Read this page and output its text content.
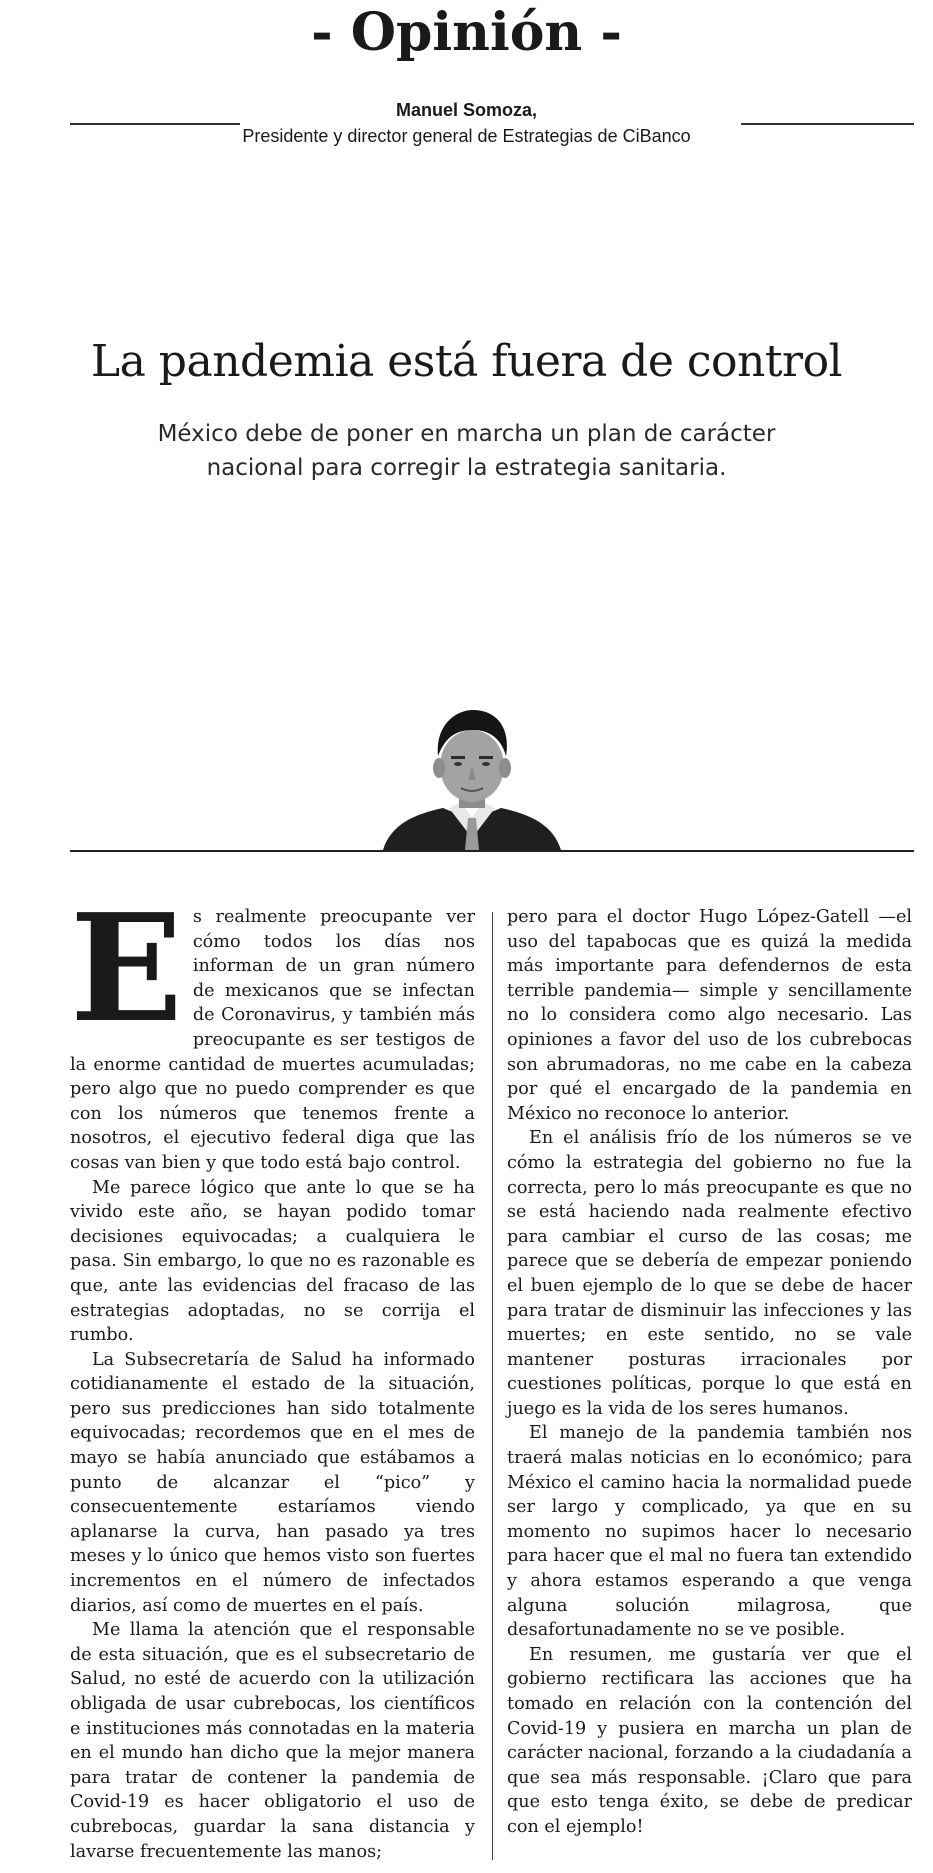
- Opinión -
Manuel Somoza,
Presidente y director general de Estrategias de CiBanco
La pandemia está fuera de control
México debe de poner en marcha un plan de carácter nacional para corregir la estrategia sanitaria.

Es realmente preocupante ver cómo todos los días nos informan de un gran número de mexicanos que se infectan de Coronavirus, y también más preocupante es ser testigos de la enorme cantidad de muertes acumuladas; pero algo que no puedo comprender es que con los números que tenemos frente a nosotros, el ejecutivo federal diga que las cosas van bien y que todo está bajo control.

Me parece lógico que ante lo que se ha vivido este año, se hayan podido tomar decisiones equivocadas; a cualquiera le pasa. Sin embargo, lo que no es razonable es que, ante las evidencias del fracaso de las estrategias adoptadas, no se corrija el rumbo.

La Subsecretaría de Salud ha informado cotidianamente el estado de la situación, pero sus predicciones han sido totalmente equivocadas; recordemos que en el mes de mayo se había anunciado que estábamos a punto de alcanzar el “pico” y consecuentemente estaríamos viendo aplanarse la curva, han pasado ya tres meses y lo único que hemos visto son fuertes incrementos en el número de infectados diarios, así como de muertes en el país.

Me llama la atención que el responsable de esta situación, que es el subsecretario de Salud, no esté de acuerdo con la utilización obligada de usar cubrebocas, los científicos e instituciones más connotadas en la materia en el mundo han dicho que la mejor manera para tratar de contener la pandemia de Covid-19 es hacer obligatorio el uso de cubrebocas, guardar la sana distancia y lavarse frecuentemente las manos;

pero para el doctor Hugo López-Gatell —el uso del tapabocas que es quizá la medida más importante para defendernos de esta terrible pandemia— simple y sencillamente no lo considera como algo necesario. Las opiniones a favor del uso de los cubrebocas son abrumadoras, no me cabe en la cabeza por qué el encargado de la pandemia en México no reconoce lo anterior.

En el análisis frío de los números se ve cómo la estrategia del gobierno no fue la correcta, pero lo más preocupante es que no se está haciendo nada realmente efectivo para cambiar el curso de las cosas; me parece que se debería de empezar poniendo el buen ejemplo de lo que se debe de hacer para tratar de disminuir las infecciones y las muertes; en este sentido, no se vale mantener posturas irracionales por cuestiones políticas, porque lo que está en juego es la vida de los seres humanos.

El manejo de la pandemia también nos traerá malas noticias en lo económico; para México el camino hacia la normalidad puede ser largo y complicado, ya que en su momento no supimos hacer lo necesario para hacer que el mal no fuera tan extendido y ahora estamos esperando a que venga alguna solución milagrosa, que desafortunadamente no se ve posible.

En resumen, me gustaría ver que el gobierno rectificara las acciones que ha tomado en relación con la contención del Covid-19 y pusiera en marcha un plan de carácter nacional, forzando a la ciudadanía a que sea más responsable. ¡Claro que para que esto tenga éxito, se debe de predicar con el ejemplo!
